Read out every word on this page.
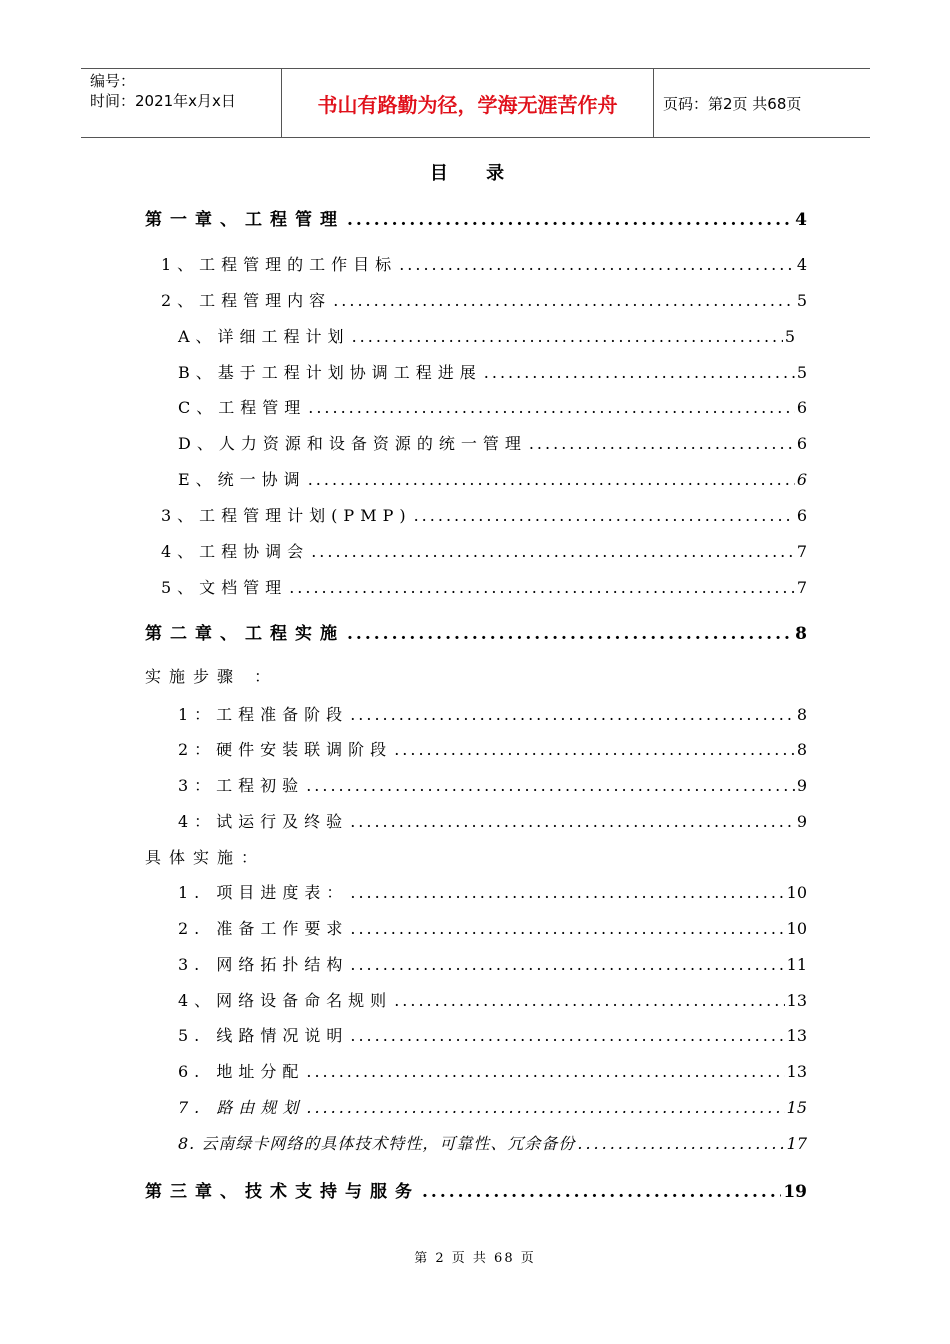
编号：
时间：2021年x月x日	书山有路勤为径，学海无涯苦作舟	页码：第2页 共68页
目 录
第一章、工程管理 .....	4
1、工程管理的工作目标 .....	4
2、工程管理内容 .....	5
A、详细工程计划 .....	5
B、基于工程计划协调工程进展 .....	5
C、工程管理 .....	6
D、人力资源和设备资源的统一管理 .....	6
E、统一协调 .....	6
3、工程管理计划(PMP) .....	6
4、工程协调会 .....	7
5、文档管理 .....	7
第二章、工程实施 .....	8
实施步骤 ：
1：工程准备阶段 .....	8
2：硬件安装联调阶段 .....	8
3：工程初验 .....	9
4：试运行及终验 .....	9
具体实施：
1. 项目进度表： .....	10
2. 准备工作要求 .....	10
3. 网络拓扑结构 .....	11
4、网络设备命名规则 .....	13
5. 线路情况说明 .....	13
6. 地址分配 .....	13
7. 路由规划 .....	15
8. 云南绿卡网络的具体技术特性，可靠性、冗余备份 .....	17
第三章、技术支持与服务 .....	19
第 2 页 共 68 页
